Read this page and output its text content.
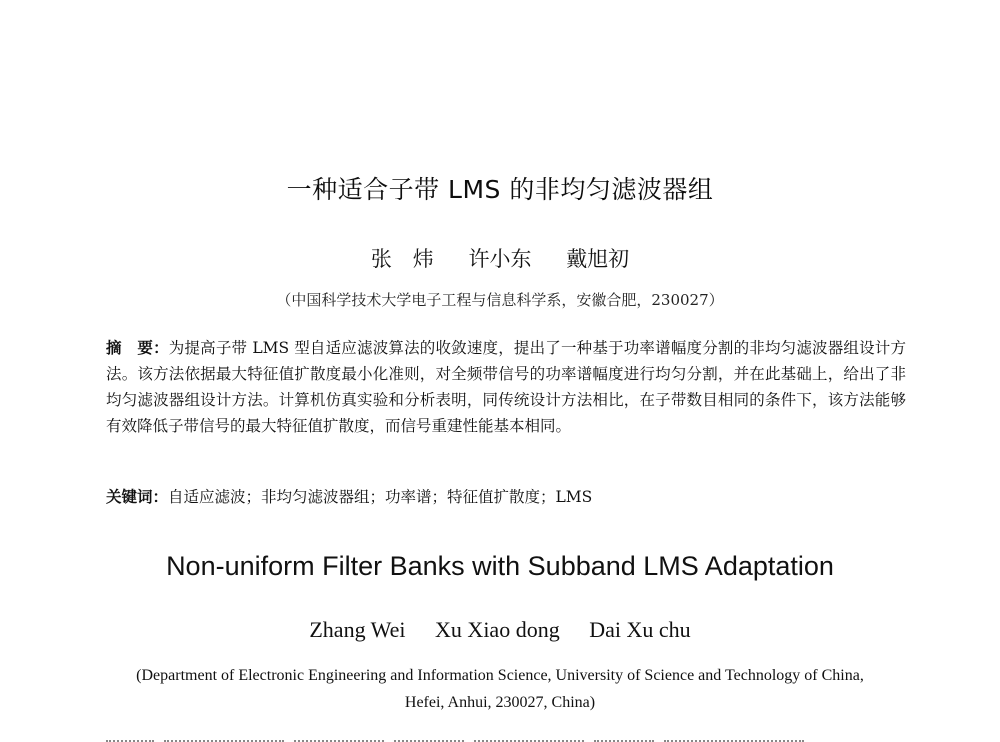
一种适合子带 LMS 的非均匀滤波器组
张　炜 许小东 戴旭初
（中国科学技术大学电子工程与信息科学系，安徽合肥，230027）
摘　要：为提高子带 LMS 型自适应滤波算法的收敛速度，提出了一种基于功率谱幅度分割的非均匀滤波器组设计方法。该方法依据最大特征值扩散度最小化准则，对全频带信号的功率谱幅度进行均匀分割，并在此基础上，给出了非均匀滤波器组设计方法。计算机仿真实验和分析表明，同传统设计方法相比，在子带数目相同的条件下，该方法能够有效降低子带信号的最大特征值扩散度，而信号重建性能基本相同。
关键词：自适应滤波；非均匀滤波器组；功率谱；特征值扩散度；LMS
Non-uniform Filter Banks with Subband LMS Adaptation
Zhang Wei Xu Xiao dong Dai Xu chu
(Department of Electronic Engineering and Information Science, University of Science and Technology of China, Hefei, Anhui, 230027, China)
